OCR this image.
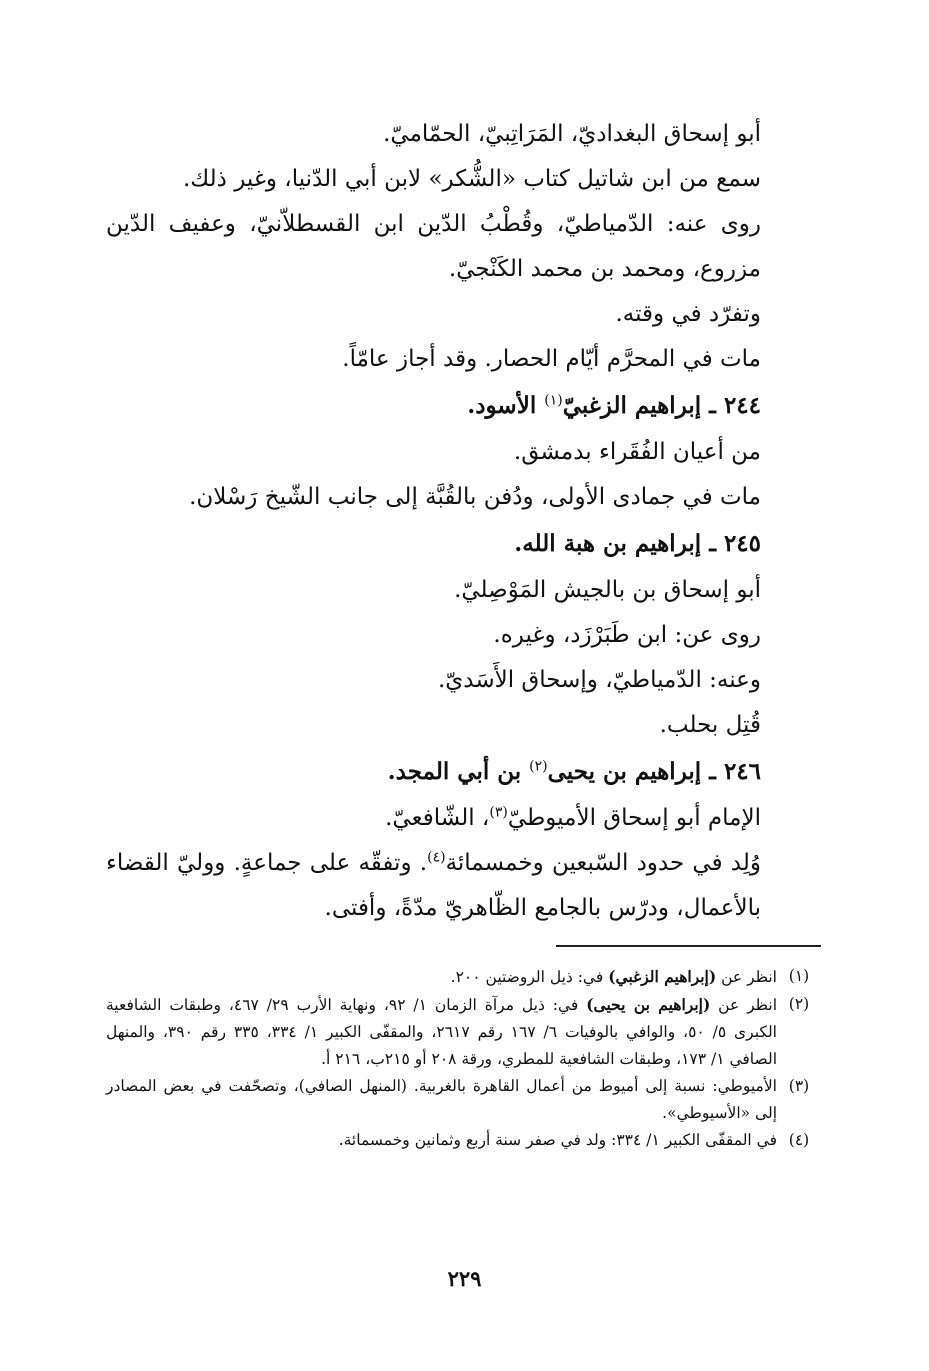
أبو إسحاق البغداديّ، المَرَاتِبيّ، الحمّاميّ.

سمع من ابن شاتيل كتاب «الشُّكر» لابن أبي الدّنيا، وغير ذلك.

روى عنه: الدّمياطيّ، وقُطْبُ الدّين ابن القسطلاّنيّ، وعفيف الدّين مزروع، ومحمد بن محمد الكَنْجيّ.

وتفرّد في وقته.

مات في المحرَّم أيّام الحصار. وقد أجاز عامّاً.

٢٤٤ ـ إبراهيم الزغبيّ$^{(١)}$ الأسود.

من أعيان الفُقَراء بدمشق.

مات في جمادى الأولى، ودُفن بالقُبَّة إلى جانب الشّيخ رَسْلان.

٢٤٥ ـ إبراهيم بن هبة الله.

أبو إسحاق بن بالجيش المَوْصِليّ.

روى عن: ابن طَبَرْزَد، وغيره.

وعنه: الدّمياطيّ، وإسحاق الأَسَديّ.

قُتِل بحلب.

٢٤٦ ـ إبراهيم بن يحيى$^{(٢)}$ بن أبي المجد.

الإمام أبو إسحاق الأميوطيّ$^{(٣)}$، الشّافعيّ.

وُلِد في حدود السّبعين وخمسمائة$^{(٤)}$. وتفقّه على جماعةٍ. ووليّ القضاء بالأعمال، ودرّس بالجامع الظّاهريّ مدّةً، وأفتى.

(١)
انظر عن (إبراهيم الزغبي) في: ذيل الروضتين ٢٠٠.
(٢)
انظر عن (إبراهيم بن يحيى) في: ذيل مرآة الزمان ١/ ٩٢، ونهاية الأرب ٢٩/ ٤٦٧، وطبقات الشافعية الكبرى ٥/ ٥٠، والوافي بالوفيات ٦/ ١٦٧ رقم ٢٦١٧، والمقفّى الكبير ١/ ٣٣٤، ٣٣٥ رقم ٣٩٠، والمنهل الصافي ١/ ١٧٣، وطبقات الشافعية للمطري، ورقة ٢٠٨ أو ٢١٥ب، ٢١٦ أ.
(٣)
الأميوطي: نسبة إلى أميوط من أعمال القاهرة بالغربية. (المنهل الصافي)، وتصحّفت في بعض المصادر إلى «الأسيوطي».
(٤)
في المقفّى الكبير ١/ ٣٣٤: ولد في صفر سنة أربع وثمانين وخمسمائة.
٢٢٩
